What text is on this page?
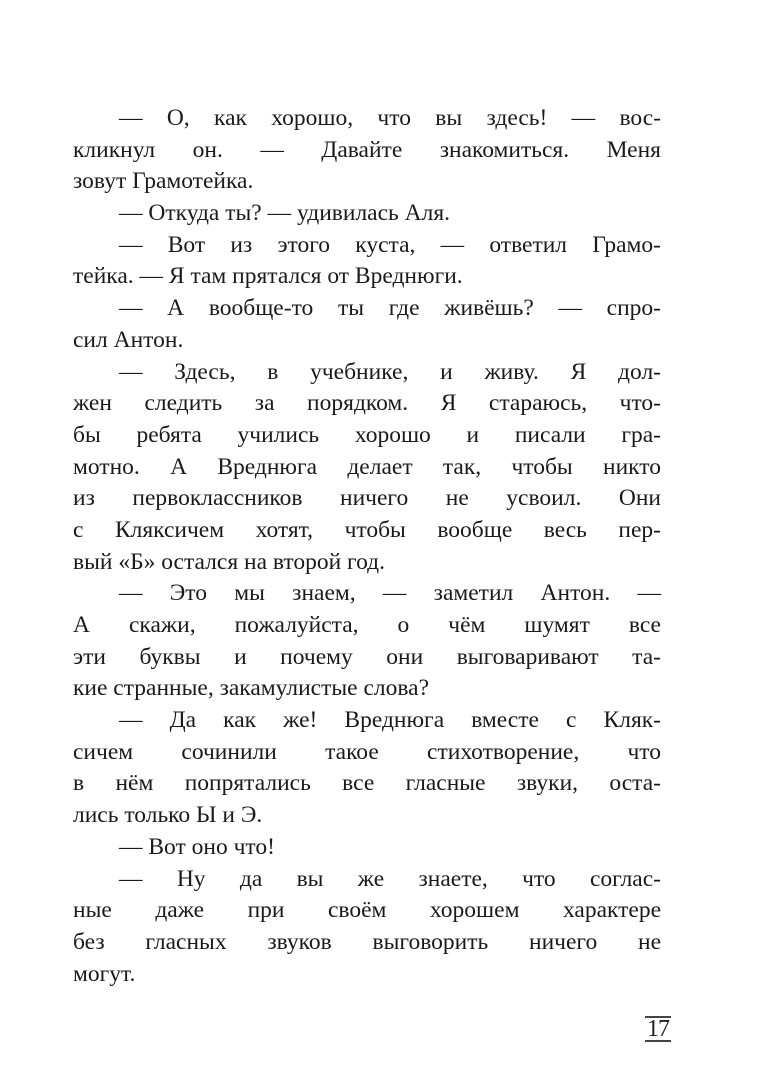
— О, как хорошо, что вы здесь! — вос-
кликнул он. — Давайте знакомиться. Меня
зовут Грамотейка.
— Откуда ты? — удивилась Аля.
— Вот из этого куста, — ответил Грамо-
тейка. — Я там прятался от Вреднюги.
— А вообще-то ты где живёшь? — спро-
сил Антон.
— Здесь, в учебнике, и живу. Я дол-
жен следить за порядком. Я стараюсь, что-
бы ребята учились хорошо и писали гра-
мотно. А Вреднюга делает так, чтобы никто
из первоклассников ничего не усвоил. Они
с Кляксичем хотят, чтобы вообще весь пер-
вый «Б» остался на второй год.
— Это мы знаем, — заметил Антон. —
А скажи, пожалуйста, о чём шумят все
эти буквы и почему они выговаривают та-
кие странные, закамулистые слова?
— Да как же! Вреднюга вместе с Кляк-
сичем сочинили такое стихотворение, что
в нём попрятались все гласные звуки, оста-
лись только Ы и Э.
— Вот оно что!
— Ну да вы же знаете, что соглас-
ные даже при своём хорошем характере
без гласных звуков выговорить ничего не
могут.
17
